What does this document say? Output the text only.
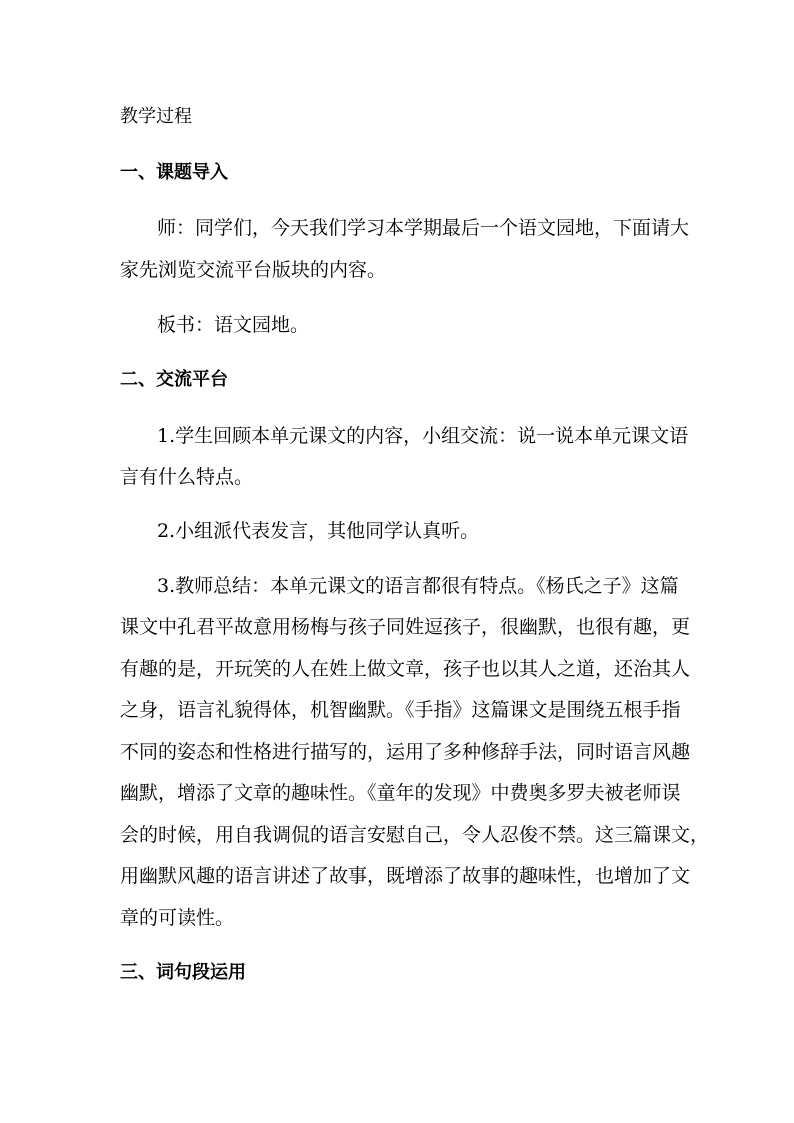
教学过程
一、课题导入
师：同学们，今天我们学习本学期最后一个语文园地，下面请大
家先浏览交流平台版块的内容。
板书：语文园地。
二、交流平台
1.学生回顾本单元课文的内容，小组交流：说一说本单元课文语
言有什么特点。
2.小组派代表发言，其他同学认真听。
3.教师总结：本单元课文的语言都很有特点。《杨氏之子》这篇
课文中孔君平故意用杨梅与孩子同姓逗孩子，很幽默，也很有趣，更
有趣的是，开玩笑的人在姓上做文章，孩子也以其人之道，还治其人
之身，语言礼貌得体，机智幽默。《手指》这篇课文是围绕五根手指
不同的姿态和性格进行描写的，运用了多种修辞手法，同时语言风趣
幽默，增添了文章的趣味性。《童年的发现》中费奥多罗夫被老师误
会的时候，用自我调侃的语言安慰自己，令人忍俊不禁。这三篇课文，
用幽默风趣的语言讲述了故事，既增添了故事的趣味性，也增加了文
章的可读性。
三、词句段运用
